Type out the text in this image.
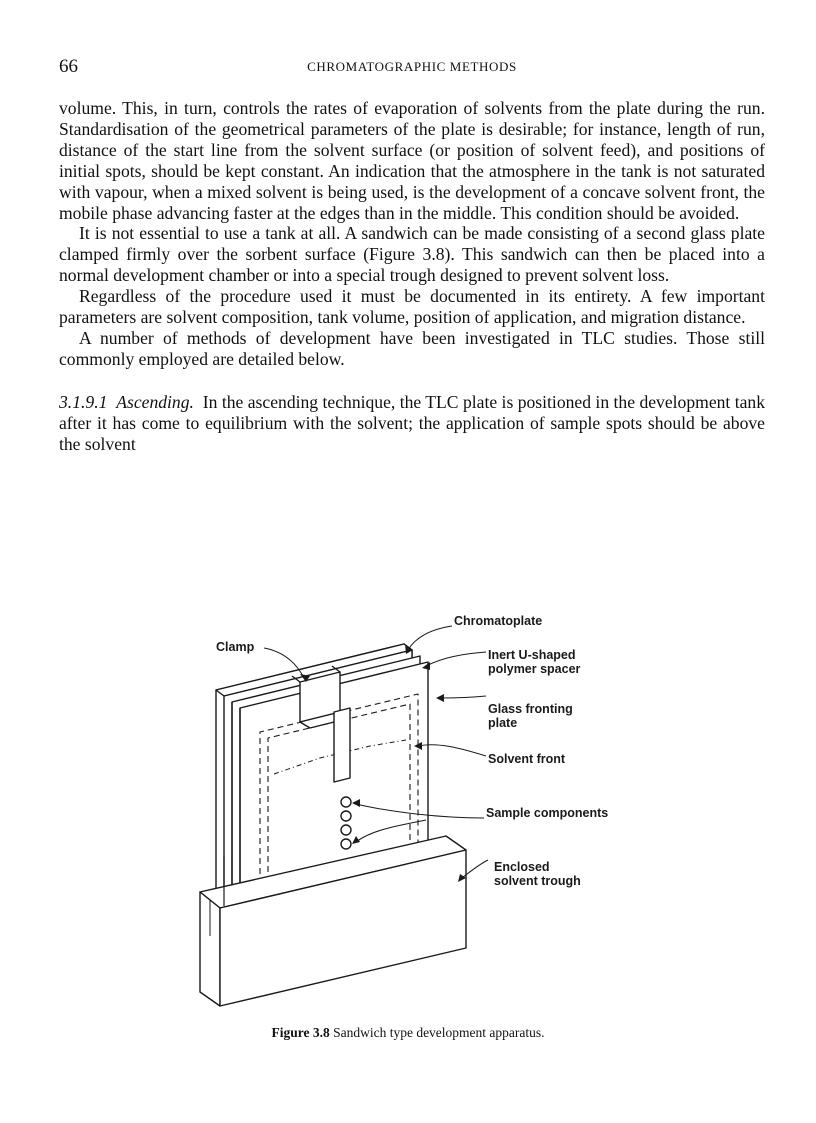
66	CHROMATOGRAPHIC METHODS

volume. This, in turn, controls the rates of evaporation of solvents from the plate during the run. Standardisation of the geometrical parameters of the plate is desirable; for instance, length of run, distance of the start line from the solvent surface (or position of solvent feed), and positions of initial spots, should be kept constant. An indication that the atmosphere in the tank is not saturated with vapour, when a mixed solvent is being used, is the development of a concave solvent front, the mobile phase advancing faster at the edges than in the middle. This condition should be avoided.

It is not essential to use a tank at all. A sandwich can be made consisting of a second glass plate clamped firmly over the sorbent surface (Figure 3.8). This sandwich can then be placed into a normal development chamber or into a special trough designed to prevent solvent loss.

Regardless of the procedure used it must be documented in its entirety. A few important parameters are solvent composition, tank volume, position of application, and migration distance.

A number of methods of development have been investigated in TLC studies. Those still commonly employed are detailed below.

3.1.9.1 Ascending. In the ascending technique, the TLC plate is positioned in the development tank after it has come to equilibrium with the solvent; the application of sample spots should be above the solvent

Chromatoplate
Clamp
Inert U-shaped
polymer spacer
Glass fronting
plate
Solvent front
Sample components
Enclosed
solvent trough
Figure 3.8 Sandwich type development apparatus.
